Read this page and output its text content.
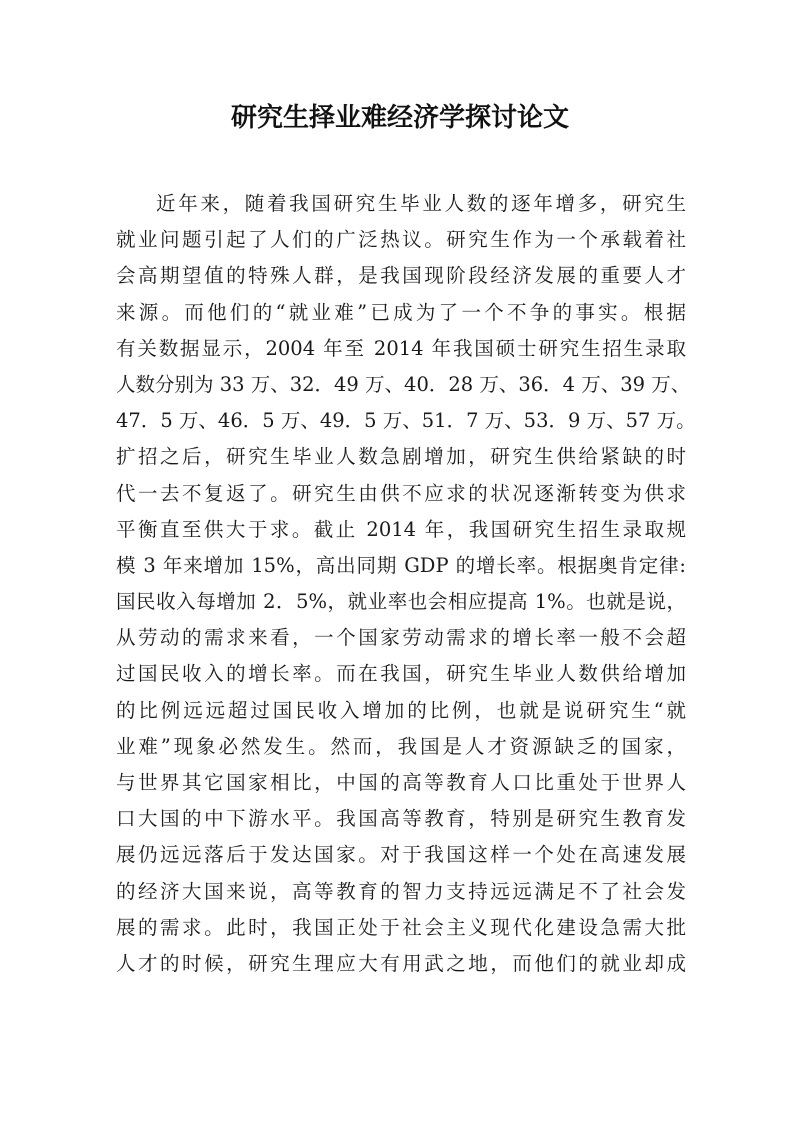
研究生择业难经济学探讨论文
近年来，随着我国研究生毕业人数的逐年增多，研究生
就业问题引起了人们的广泛热议。研究生作为一个承载着社
会高期望值的特殊人群，是我国现阶段经济发展的重要人才
来源。而他们的“就业难”已成为了一个不争的事实。根据
有关数据显示，2004 年至 2014 年我国硕士研究生招生录取
人数分别为 33 万、32．49 万、40．28 万、36．4 万、39 万、
47．5 万、46．5 万、49．5 万、51．7 万、53．9 万、57 万。
扩招之后，研究生毕业人数急剧增加，研究生供给紧缺的时
代一去不复返了。研究生由供不应求的状况逐渐转变为供求
平衡直至供大于求。截止 2014 年，我国研究生招生录取规
模 3 年来增加 15%，高出同期 GDP 的增长率。根据奥肯定律:
国民收入每增加 2．5%，就业率也会相应提高 1%。也就是说，
从劳动的需求来看，一个国家劳动需求的增长率一般不会超
过国民收入的增长率。而在我国，研究生毕业人数供给增加
的比例远远超过国民收入增加的比例，也就是说研究生“就
业难”现象必然发生。然而，我国是人才资源缺乏的国家，
与世界其它国家相比，中国的高等教育人口比重处于世界人
口大国的中下游水平。我国高等教育，特别是研究生教育发
展仍远远落后于发达国家。对于我国这样一个处在高速发展
的经济大国来说，高等教育的智力支持远远满足不了社会发
展的需求。此时，我国正处于社会主义现代化建设急需大批
人才的时候，研究生理应大有用武之地，而他们的就业却成
